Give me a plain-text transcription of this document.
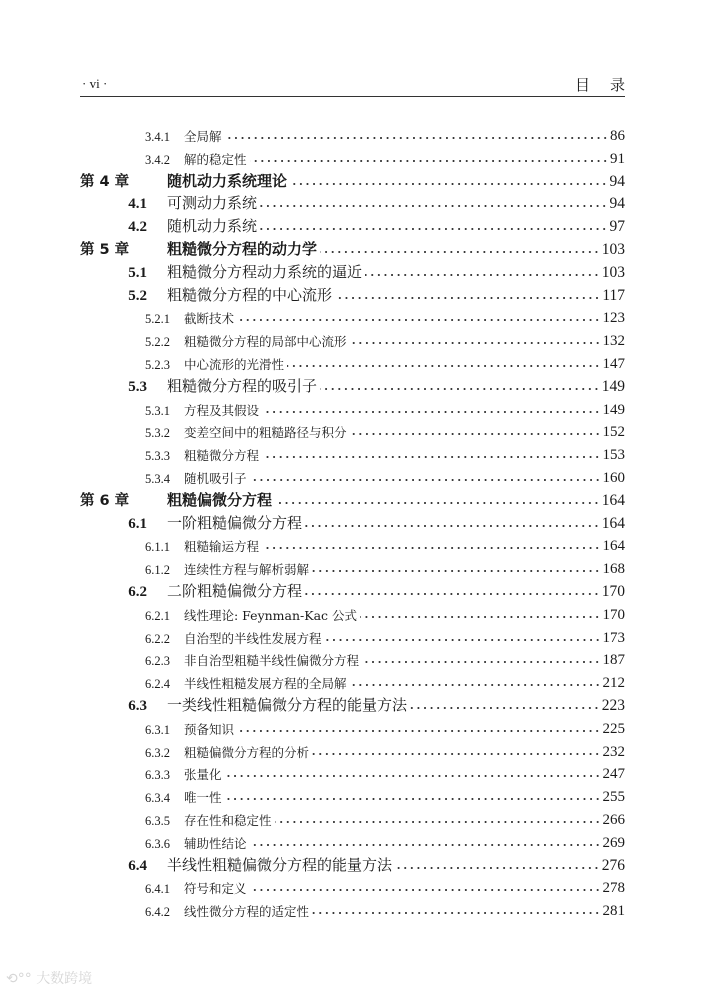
· vi ·	目录
3.4.1	全局解	86
3.4.2	解的稳定性	91
第 4 章	随机动力系统理论	94
4.1	可测动力系统	94
4.2	随机动力系统	97
第 5 章	粗糙微分方程的动力学	103
5.1	粗糙微分方程动力系统的逼近	103
5.2	粗糙微分方程的中心流形	117
5.2.1	截断技术	123
5.2.2	粗糙微分方程的局部中心流形	132
5.2.3	中心流形的光滑性	147
5.3	粗糙微分方程的吸引子	149
5.3.1	方程及其假设	149
5.3.2	变差空间中的粗糙路径与积分	152
5.3.3	粗糙微分方程	153
5.3.4	随机吸引子	160
第 6 章	粗糙偏微分方程	164
6.1	一阶粗糙偏微分方程	164
6.1.1	粗糙输运方程	164
6.1.2	连续性方程与解析弱解	168
6.2	二阶粗糙偏微分方程	170
6.2.1	线性理论: Feynman-Kac 公式	170
6.2.2	自治型的半线性发展方程	173
6.2.3	非自治型粗糙半线性偏微分方程	187
6.2.4	半线性粗糙发展方程的全局解	212
6.3	一类线性粗糙偏微分方程的能量方法	223
6.3.1	预备知识	225
6.3.2	粗糙偏微分方程的分析	232
6.3.3	张量化	247
6.3.4	唯一性	255
6.3.5	存在性和稳定性	266
6.3.6	辅助性结论	269
6.4	半线性粗糙偏微分方程的能量方法	276
6.4.1	符号和定义	278
6.4.2	线性微分方程的适定性	281
⟲°° 大数跨境
